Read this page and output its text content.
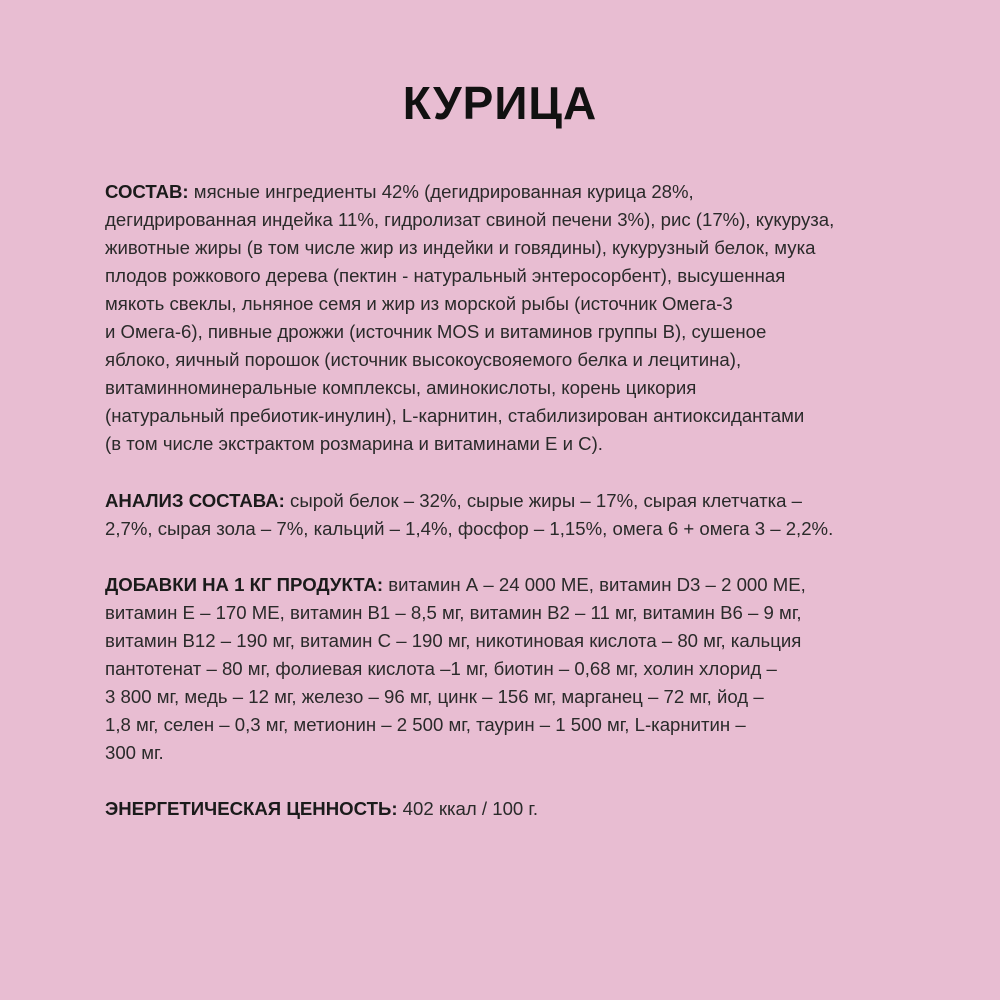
КУРИЦА
СОСТАВ: мясные ингредиенты 42% (дегидрированная курица 28%,
дегидрированная индейка 11%, гидролизат свиной печени 3%), рис (17%), кукуруза,
животные жиры (в том числе жир из индейки и говядины), кукурузный белок, мука
плодов рожкового дерева (пектин - натуральный энтеросорбент), высушенная
мякоть свеклы, льняное семя и жир из морской рыбы (источник Омега-3
и Омега-6), пивные дрожжи (источник MOS и витаминов группы B), сушеное
яблоко, яичный порошок (источник высокоусвояемого белка и лецитина),
витаминноминеральные комплексы, аминокислоты, корень цикория
(натуральный пребиотик-инулин), L-карнитин, стабилизирован антиоксидантами
(в том числе экстрактом розмарина и витаминами Е и С).
АНАЛИЗ СОСТАВА: сырой белок – 32%, сырые жиры – 17%, сырая клетчатка –
2,7%, сырая зола – 7%, кальций – 1,4%, фосфор – 1,15%, омега 6 + омега 3 – 2,2%.
ДОБАВКИ НА 1 КГ ПРОДУКТА: витамин А – 24 000 МЕ, витамин D3 – 2 000 МЕ,
витамин Е – 170 МЕ, витамин В1 – 8,5 мг, витамин В2 – 11 мг, витамин В6 – 9 мг,
витамин В12 – 190 мг, витамин С – 190 мг, никотиновая кислота – 80 мг, кальция
пантотенат – 80 мг, фолиевая кислота –1 мг, биотин – 0,68 мг, холин хлорид –
3 800 мг, медь – 12 мг, железо – 96 мг, цинк – 156 мг, марганец – 72 мг, йод –
1,8 мг, селен – 0,3 мг, метионин – 2 500 мг, таурин – 1 500 мг, L-карнитин –
300 мг.
ЭНЕРГЕТИЧЕСКАЯ ЦЕННОСТЬ: 402 ккал / 100 г.
